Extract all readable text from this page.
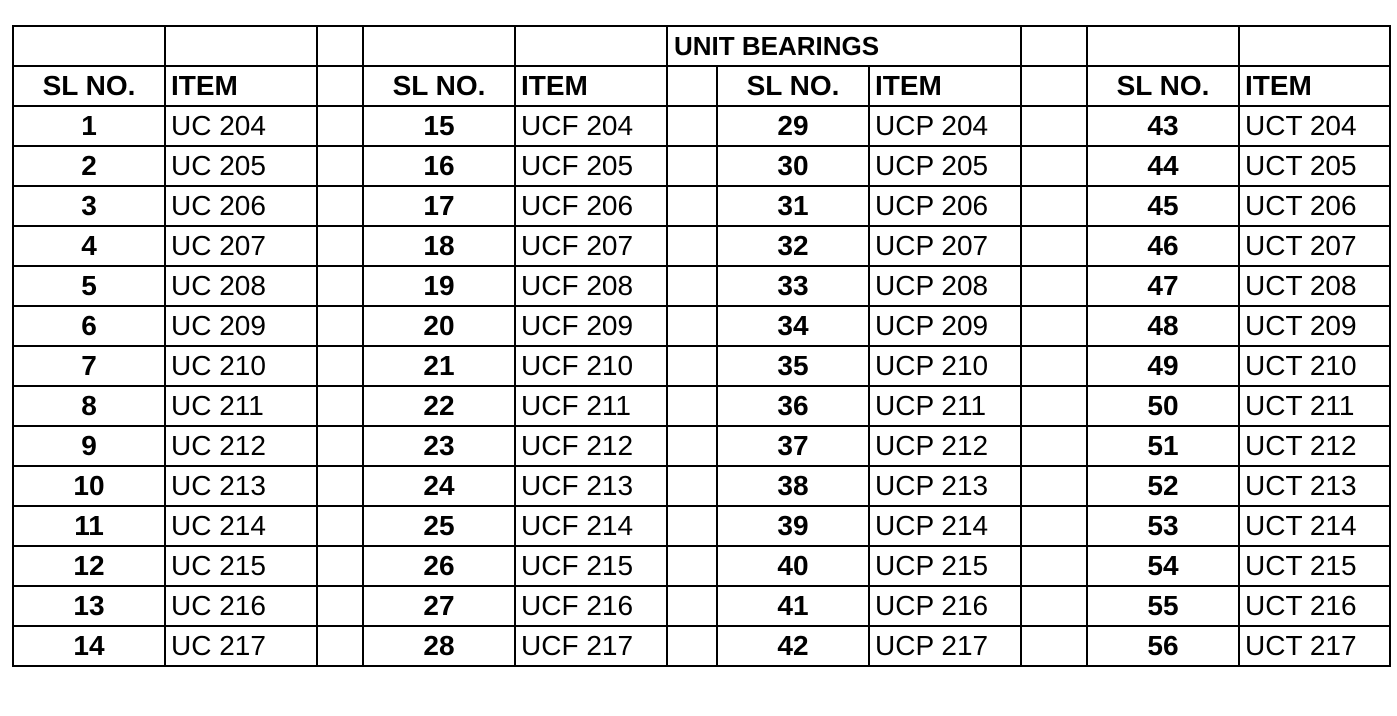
					UNIT BEARINGS					
SL NO.	ITEM		SL NO.	ITEM		SL NO.	ITEM		SL NO.	ITEM
1	UC 204		15	UCF 204		29	UCP 204		43	UCT 204
2	UC 205		16	UCF 205		30	UCP 205		44	UCT 205
3	UC 206		17	UCF 206		31	UCP 206		45	UCT 206
4	UC 207		18	UCF 207		32	UCP 207		46	UCT 207
5	UC 208		19	UCF 208		33	UCP 208		47	UCT 208
6	UC 209		20	UCF 209		34	UCP 209		48	UCT 209
7	UC 210		21	UCF 210		35	UCP 210		49	UCT 210
8	UC 211		22	UCF 211		36	UCP 211		50	UCT 211
9	UC 212		23	UCF 212		37	UCP 212		51	UCT 212
10	UC 213		24	UCF 213		38	UCP 213		52	UCT 213
11	UC 214		25	UCF 214		39	UCP 214		53	UCT 214
12	UC 215		26	UCF 215		40	UCP 215		54	UCT 215
13	UC 216		27	UCF 216		41	UCP 216		55	UCT 216
14	UC 217		28	UCF 217		42	UCP 217		56	UCT 217
